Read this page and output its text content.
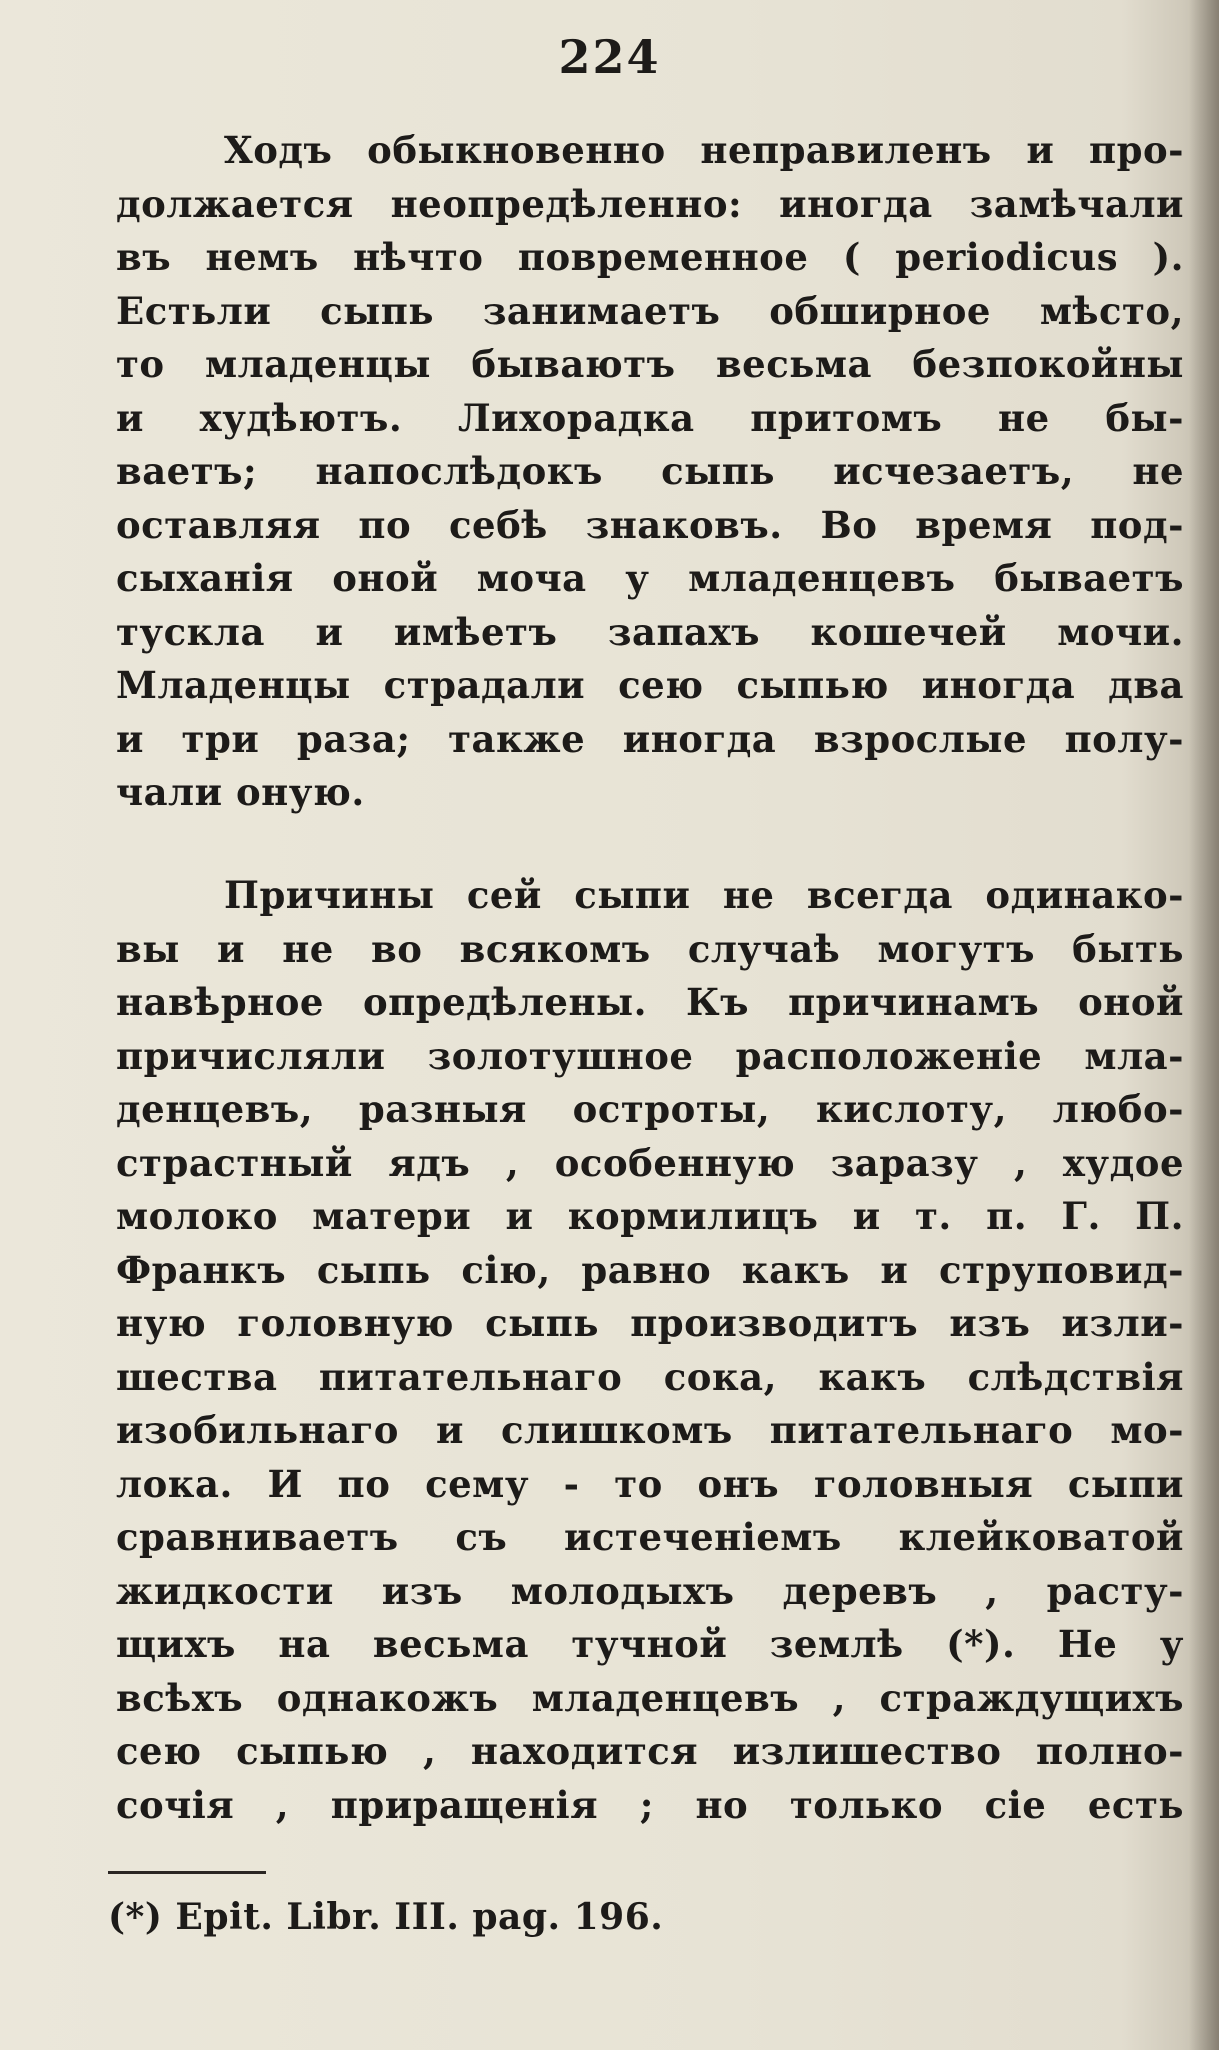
224
Ходъ обыкновенно неправиленъ и про-
должается неопредѣленно: иногда замѣчали
въ немъ нѣчто повременное ( periodicus ).
Естьли сыпь занимаетъ обширное мѣсто,
то младенцы бываютъ весьма безпокойны
и худѣютъ. Лихорадка притомъ не бы-
ваетъ; напослѣдокъ сыпь исчезаетъ, не
оставляя по себѣ знаковъ. Во время под-
сыханія оной моча у младенцевъ бываетъ
тускла и имѣетъ запахъ кошечей мочи.
Младенцы страдали сею сыпью иногда два
и три раза; также иногда взрослые полу-
чали оную.
Причины сей сыпи не всегда одинако-
вы и не во всякомъ случаѣ могутъ быть
навѣрное опредѣлены. Къ причинамъ оной
причисляли золотушное расположеніе мла-
денцевъ, разныя остроты, кислоту, любо-
страстный ядъ , особенную заразу , худое
молоко матери и кормилицъ и т. п. Г. П.
Франкъ сыпь сію, равно какъ и струповид-
ную головную сыпь производитъ изъ изли-
шества питательнаго сока, какъ слѣдствія
изобильнаго и слишкомъ питательнаго мо-
лока. И по сему - то онъ головныя сыпи
сравниваетъ съ истеченіемъ клейковатой
жидкости изъ молодыхъ деревъ , расту-
щихъ на весьма тучной землѣ (*). Не у
всѣхъ однакожъ младенцевъ , страждущихъ
сею сыпью , находится излишество полно-
сочія , приращенія ; но только сіе есть
(*) Epit. Libr. III. pag. 196.
